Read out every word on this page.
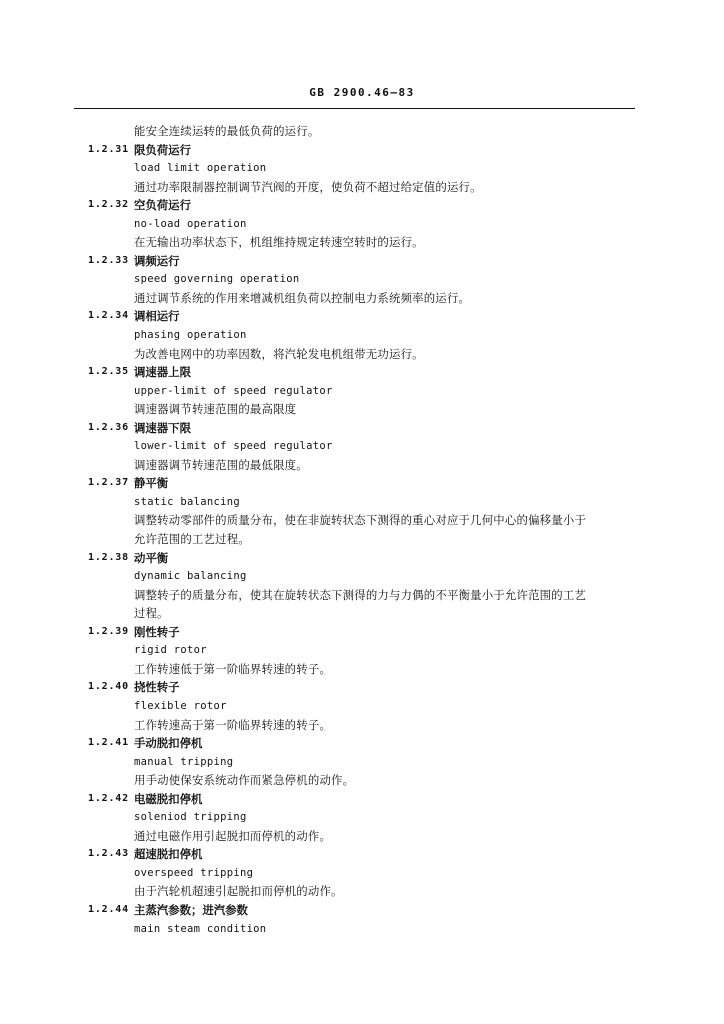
GB 2900.46—83
能安全连续运转的最低负荷的运行。
1.2.31 限负荷运行
load limit operation
通过功率限制器控制调节汽阀的开度，使负荷不超过给定值的运行。
1.2.32 空负荷运行
no-load operation
在无输出功率状态下，机组维持规定转速空转时的运行。
1.2.33 调频运行
speed governing operation
通过调节系统的作用来增减机组负荷以控制电力系统频率的运行。
1.2.34 调相运行
phasing operation
为改善电网中的功率因数，将汽轮发电机组带无功运行。
1.2.35 调速器上限
upper-limit of speed regulator
调速器调节转速范围的最高限度
1.2.36 调速器下限
lower-limit of speed regulator
调速器调节转速范围的最低限度。
1.2.37 静平衡
static balancing
调整转动零部件的质量分布，使在非旋转状态下测得的重心对应于几何中心的偏移量小于
允许范围的工艺过程。
1.2.38 动平衡
dynamic balancing
调整转子的质量分布，使其在旋转状态下测得的力与力偶的不平衡量小于允许范围的工艺
过程。
1.2.39 刚性转子
rigid rotor
工作转速低于第一阶临界转速的转子。
1.2.40 挠性转子
flexible rotor
工作转速高于第一阶临界转速的转子。
1.2.41 手动脱扣停机
manual tripping
用手动使保安系统动作而紧急停机的动作。
1.2.42 电磁脱扣停机
soleniod tripping
通过电磁作用引起脱扣而停机的动作。
1.2.43 超速脱扣停机
overspeed tripping
由于汽轮机超速引起脱扣而停机的动作。
1.2.44 主蒸汽参数；进汽参数
main steam condition
